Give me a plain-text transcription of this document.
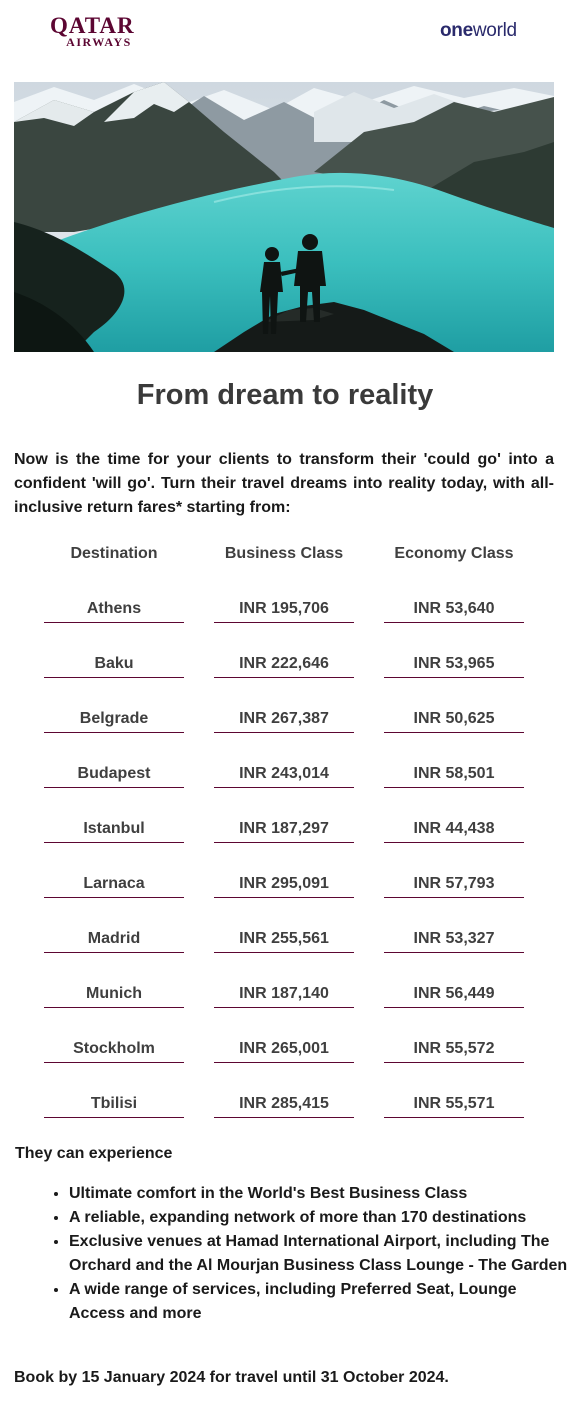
QATAR
AIRWAYS
oneworld
From dream to reality

Now is the time for your clients to transform their 'could go' into a confident 'will go'. Turn their travel dreams into reality today, with all-inclusive return fares* starting from:

Destination	Business Class	Economy Class
Athens	INR 195,706	INR 53,640
Baku	INR 222,646	INR 53,965
Belgrade	INR 267,387	INR 50,625
Budapest	INR 243,014	INR 58,501
Istanbul	INR 187,297	INR 44,438
Larnaca	INR 295,091	INR 57,793
Madrid	INR 255,561	INR 53,327
Munich	INR 187,140	INR 56,449
Stockholm	INR 265,001	INR 55,572
Tbilisi	INR 285,415	INR 55,571

They can experience

• Ultimate comfort in the World's Best Business Class
• A reliable, expanding network of more than 170 destinations
• Exclusive venues at Hamad International Airport, including The Orchard and the Al Mourjan Business Class Lounge - The Garden
• A wide range of services, including Preferred Seat, Lounge Access and more

Book by 15 January 2024 for travel until 31 October 2024.
